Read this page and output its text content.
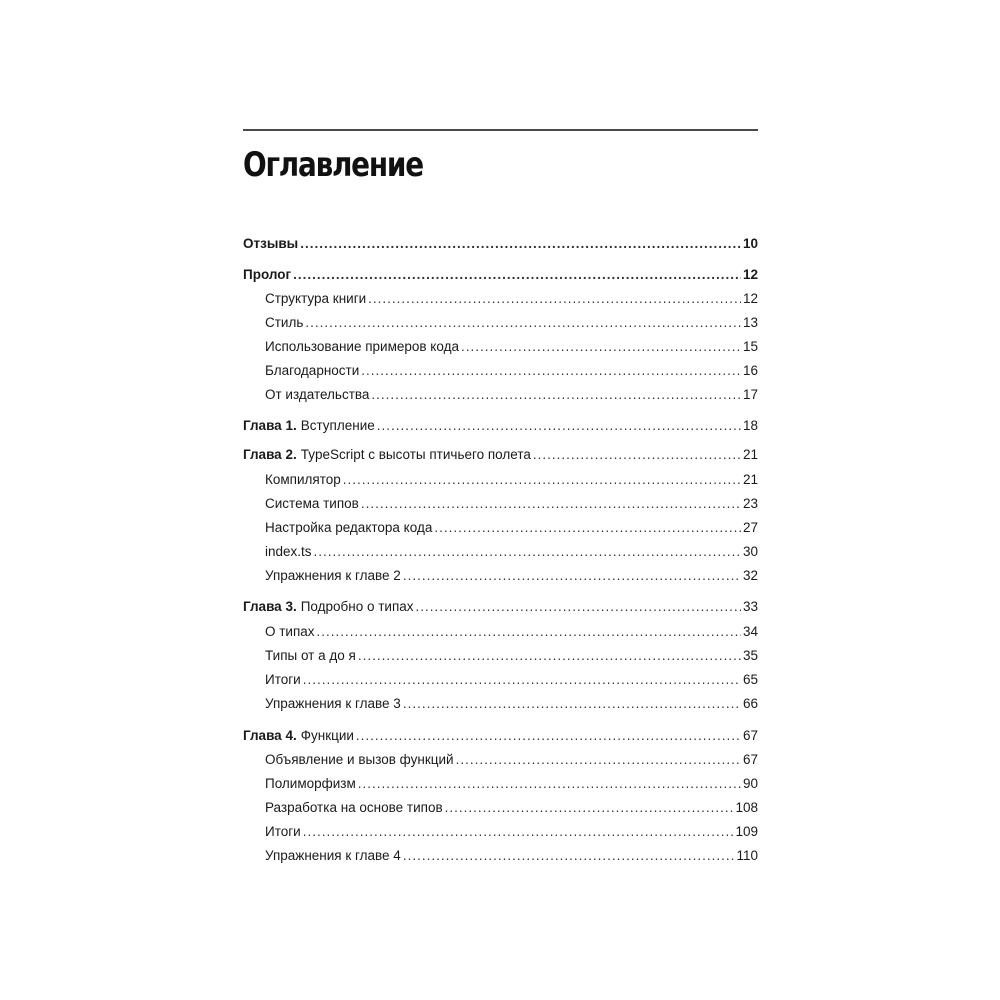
Оглавление
Отзывы .....	10
Пролог .....	12
Структура книги .....	12
Стиль .....	13
Использование примеров кода .....	15
Благодарности .....	16
От издательства .....	17
Глава 1. Вступление .....	18
Глава 2. TypeScript с высоты птичьего полета .....	21
Компилятор .....	21
Система типов .....	23
Настройка редактора кода .....	27
index.ts .....	30
Упражнения к главе 2 .....	32
Глава 3. Подробно о типах .....	33
О типах .....	34
Типы от a до я .....	35
Итоги .....	65
Упражнения к главе 3 .....	66
Глава 4. Функции .....	67
Объявление и вызов функций .....	67
Полиморфизм .....	90
Разработка на основе типов .....	108
Итоги .....	109
Упражнения к главе 4 .....	110
